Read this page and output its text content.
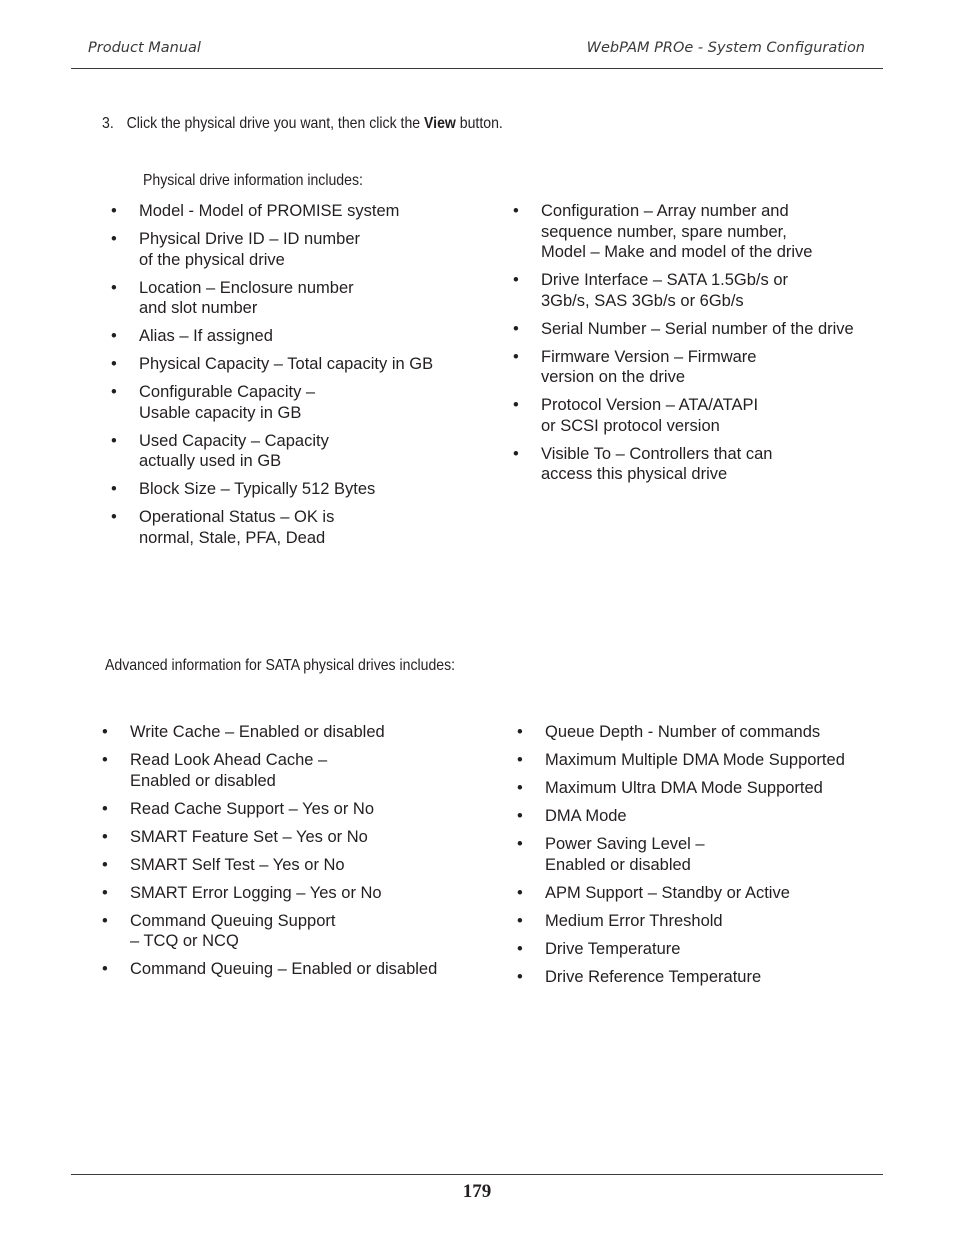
Product Manual	WebPAM PROe - System Configuration
3. Click the physical drive you want, then click the View button.
Physical drive information includes:
• Model - Model of PROMISE system
• Physical Drive ID – ID number
of the physical drive
• Location – Enclosure number
and slot number
• Alias – If assigned
• Physical Capacity – Total capacity in GB
• Configurable Capacity –
Usable capacity in GB
• Used Capacity – Capacity
actually used in GB
• Block Size – Typically 512 Bytes
• Operational Status – OK is
normal, Stale, PFA, Dead
• Configuration – Array number and
sequence number, spare number,
Model – Make and model of the drive
• Drive Interface – SATA 1.5Gb/s or
3Gb/s, SAS 3Gb/s or 6Gb/s
• Serial Number – Serial number of the drive
• Firmware Version – Firmware
version on the drive
• Protocol Version – ATA/ATAPI
or SCSI protocol version
• Visible To – Controllers that can
access this physical drive
Advanced information for SATA physical drives includes:
• Write Cache – Enabled or disabled
• Read Look Ahead Cache –
Enabled or disabled
• Read Cache Support – Yes or No
• SMART Feature Set – Yes or No
• SMART Self Test – Yes or No
• SMART Error Logging – Yes or No
• Command Queuing Support
– TCQ or NCQ
• Command Queuing – Enabled or disabled
• Queue Depth - Number of commands
• Maximum Multiple DMA Mode Supported
• Maximum Ultra DMA Mode Supported
• DMA Mode
• Power Saving Level –
Enabled or disabled
• APM Support – Standby or Active
• Medium Error Threshold
• Drive Temperature
• Drive Reference Temperature
179
